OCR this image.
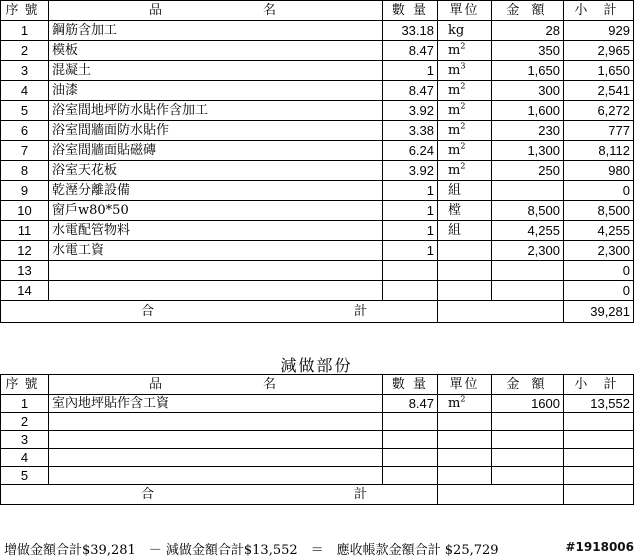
序號	品　　　　　名	數 量	單位	金 額	小 計
1	鋼筋含加工	33.18	kg	28	929
2	模板	8.47	$m^2$	350	2,965
3	混凝土	1	$m^3$	1,650	1,650
4	油漆	8.47	$m^2$	300	2,541
5	浴室間地坪防水貼作含加工	3.92	$m^2$	1,600	6,272
6	浴室間牆面防水貼作	3.38	$m^2$	230	777
7	浴室間牆面貼磁磚	6.24	$m^2$	1,300	8,112
8	浴室天花板	3.92	$m^2$	250	980
9	乾溼分離設備	1	組		0
10	窗戶w80*50	1	樘	8,500	8,500
11	水電配管物料	1	組	4,255	4,255
12	水電工資	1		2,300	2,300
13					0
14					0
合計					39,281
減做部份
序號	品　　　　　名	數 量	單位	金 額	小 計
1	室內地坪貼作含工資	8.47	$m^2$	1600	13,552
2					
3					
4					
5					
合計					
增做金額合計$39,281　－ 減做金額合計$13,552　＝　應收帳款金額合計 $25,729	#1918006
